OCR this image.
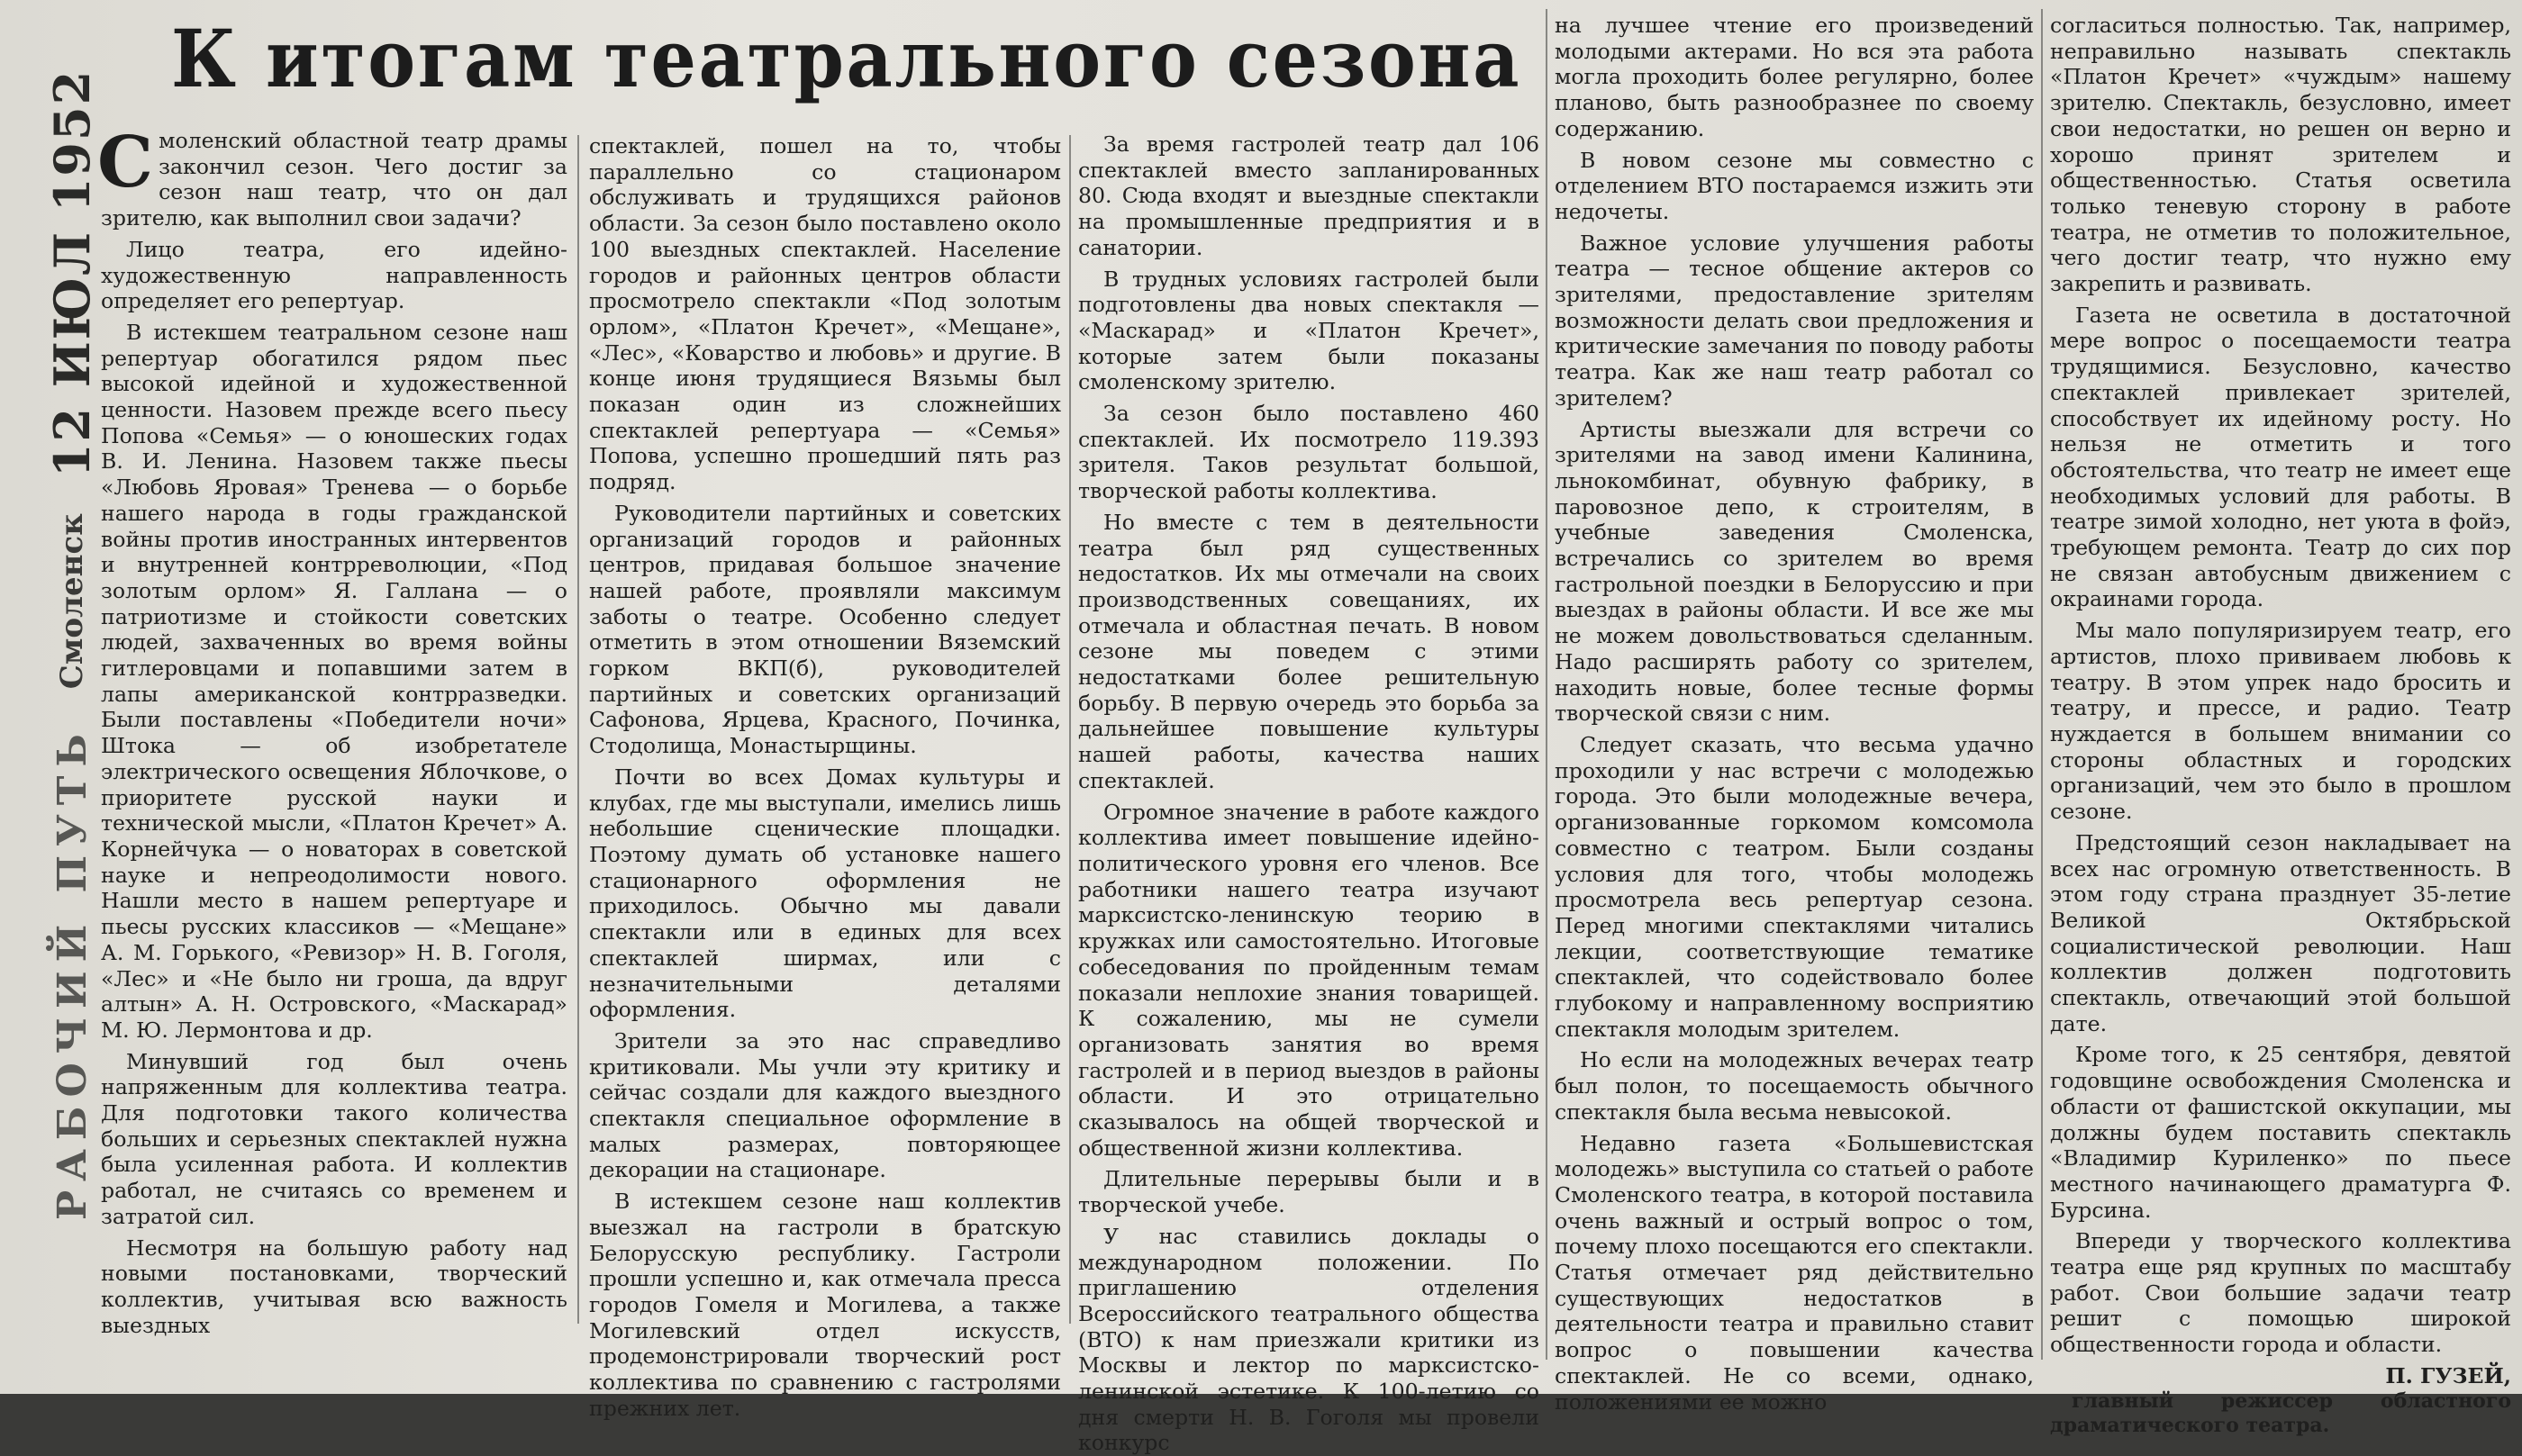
К итогам театрального сезона
РАБОЧИЙ ПУТЬ
Смоленск
12 ИЮЛ 1952

Смоленский областной театр драмы закончил сезон. Чего достиг за сезон наш театр, что он дал зрителю, как выполнил свои задачи?

Лицо театра, его идейно-художественную направленность определяет его репертуар.

В истекшем театральном сезоне наш репертуар обогатился рядом пьес высокой идейной и художественной ценности. Назовем прежде всего пьесу Попова «Семья» — о юношеских годах В. И. Ленина. Назовем также пьесы «Любовь Яровая» Тренева — о борьбе нашего народа в годы гражданской войны против иностранных интервентов и внутренней контрреволюции, «Под золотым орлом» Я. Галлана — о патриотизме и стойкости советских людей, захваченных во время войны гитлеровцами и попавшими затем в лапы американской контрразведки. Были поставлены «Победители ночи» Штока — об изобретателе электрического освещения Яблочкове, о приоритете русской науки и технической мысли, «Платон Кречет» А. Корнейчука — о новаторах в советской науке и непреодолимости нового. Нашли место в нашем репертуаре и пьесы русских классиков — «Мещане» А. М. Горького, «Ревизор» Н. В. Гоголя, «Лес» и «Не было ни гроша, да вдруг алтын» А. Н. Островского, «Маскарад» М. Ю. Лермонтова и др.

Минувший год был очень напряженным для коллектива театра. Для подготовки такого количества больших и серьезных спектаклей нужна была усиленная работа. И коллектив работал, не считаясь со временем и затратой сил.

Несмотря на большую работу над новыми постановками, творческий коллектив, учитывая всю важность выездных

спектаклей, пошел на то, чтобы параллельно со стационаром обслуживать и трудящихся районов области. За сезон было поставлено около 100 выездных спектаклей. Население городов и районных центров области просмотрело спектакли «Под золотым орлом», «Платон Кречет», «Мещане», «Лес», «Коварство и любовь» и другие. В конце июня трудящиеся Вязьмы был показан один из сложнейших спектаклей репертуара — «Семья» Попова, успешно прошедший пять раз подряд.

Руководители партийных и советских организаций городов и районных центров, придавая большое значение нашей работе, проявляли максимум заботы о театре. Особенно следует отметить в этом отношении Вяземский горком ВКП(б), руководителей партийных и советских организаций Сафонова, Ярцева, Красного, Починка, Стодолища, Монастырщины.

Почти во всех Домах культуры и клубах, где мы выступали, имелись лишь небольшие сценические площадки. Поэтому думать об установке нашего стационарного оформления не приходилось. Обычно мы давали спектакли или в единых для всех спектаклей ширмах, или с незначительными деталями оформления.

Зрители за это нас справедливо критиковали. Мы учли эту критику и сейчас создали для каждого выездного спектакля специальное оформление в малых размерах, повторяющее декорации на стационаре.

В истекшем сезоне наш коллектив выезжал на гастроли в братскую Белорусскую республику. Гастроли прошли успешно и, как отмечала пресса городов Гомеля и Могилева, а также Могилевский отдел искусств, продемонстрировали творческий рост коллектива по сравнению с гастролями прежних лет.

За время гастролей театр дал 106 спектаклей вместо запланированных 80. Сюда входят и выездные спектакли на промышленные предприятия и в санатории.

В трудных условиях гастролей были подготовлены два новых спектакля — «Маскарад» и «Платон Кречет», которые затем были показаны смоленскому зрителю.

За сезон было поставлено 460 спектаклей. Их посмотрело 119.393 зрителя. Таков результат большой, творческой работы коллектива.

Но вместе с тем в деятельности театра был ряд существенных недостатков. Их мы отмечали на своих производственных совещаниях, их отмечала и областная печать. В новом сезоне мы поведем с этими недостатками более решительную борьбу. В первую очередь это борьба за дальнейшее повышение культуры нашей работы, качества наших спектаклей.

Огромное значение в работе каждого коллектива имеет повышение идейно-политического уровня его членов. Все работники нашего театра изучают марксистско-ленинскую теорию в кружках или самостоятельно. Итоговые собеседования по пройденным темам показали неплохие знания товарищей. К сожалению, мы не сумели организовать занятия во время гастролей и в период выездов в районы области. И это отрицательно сказывалось на общей творческой и общественной жизни коллектива.

Длительные перерывы были и в творческой учебе.

У нас ставились доклады о международном положении. По приглашению отделения Всероссийского театрального общества (ВТО) к нам приезжали критики из Москвы и лектор по марксистско-ленинской эстетике. К 100-летию со дня смерти Н. В. Гоголя мы провели конкурс

на лучшее чтение его произведений молодыми актерами. Но вся эта работа могла проходить более регулярно, более планово, быть разнообразнее по своему содержанию.

В новом сезоне мы совместно с отделением ВТО постараемся изжить эти недочеты.

Важное условие улучшения работы театра — тесное общение актеров со зрителями, предоставление зрителям возможности делать свои предложения и критические замечания по поводу работы театра. Как же наш театр работал со зрителем?

Артисты выезжали для встречи со зрителями на завод имени Калинина, льнокомбинат, обувную фабрику, в паровозное депо, к строителям, в учебные заведения Смоленска, встречались со зрителем во время гастрольной поездки в Белоруссию и при выездах в районы области. И все же мы не можем довольствоваться сделанным. Надо расширять работу со зрителем, находить новые, более тесные формы творческой связи с ним.

Следует сказать, что весьма удачно проходили у нас встречи с молодежью города. Это были молодежные вечера, организованные горкомом комсомола совместно с театром. Были созданы условия для того, чтобы молодежь просмотрела весь репертуар сезона. Перед многими спектаклями читались лекции, соответствующие тематике спектаклей, что содействовало более глубокому и направленному восприятию спектакля молодым зрителем.

Но если на молодежных вечерах театр был полон, то посещаемость обычного спектакля была весьма невысокой.

Недавно газета «Большевистская молодежь» выступила со статьей о работе Смоленского театра, в которой поставила очень важный и острый вопрос о том, почему плохо посещаются его спектакли. Статья отмечает ряд действительно существующих недостатков в деятельности театра и правильно ставит вопрос о повышении качества спектаклей. Не со всеми, однако, положениями ее можно

согласиться полностью. Так, например, неправильно называть спектакль «Платон Кречет» «чуждым» нашему зрителю. Спектакль, безусловно, имеет свои недостатки, но решен он верно и хорошо принят зрителем и общественностью. Статья осветила только теневую сторону в работе театра, не отметив то положительное, чего достиг театр, что нужно ему закрепить и развивать.

Газета не осветила в достаточной мере вопрос о посещаемости театра трудящимися. Безусловно, качество спектаклей привлекает зрителей, способствует их идейному росту. Но нельзя не отметить и того обстоятельства, что театр не имеет еще необходимых условий для работы. В театре зимой холодно, нет уюта в фойэ, требующем ремонта. Театр до сих пор не связан автобусным движением с окраинами города.

Мы мало популяризируем театр, его артистов, плохо прививаем любовь к театру. В этом упрек надо бросить и театру, и прессе, и радио. Театр нуждается в большем внимании со стороны областных и городских организаций, чем это было в прошлом сезоне.

Предстоящий сезон накладывает на всех нас огромную ответственность. В этом году страна празднует 35-летие Великой Октябрьской социалистической революции. Наш коллектив должен подготовить спектакль, отвечающий этой большой дате.

Кроме того, к 25 сентября, девятой годовщине освобождения Смоленска и области от фашистской оккупации, мы должны будем поставить спектакль «Владимир Куриленко» по пьесе местного начинающего драматурга Ф. Бурсина.

Впереди у творческого коллектива театра еще ряд крупных по масштабу работ. Свои большие задачи театр решит с помощью широкой общественности города и области.

П. ГУЗЕЙ,
главный режиссер областного драматического театра.
